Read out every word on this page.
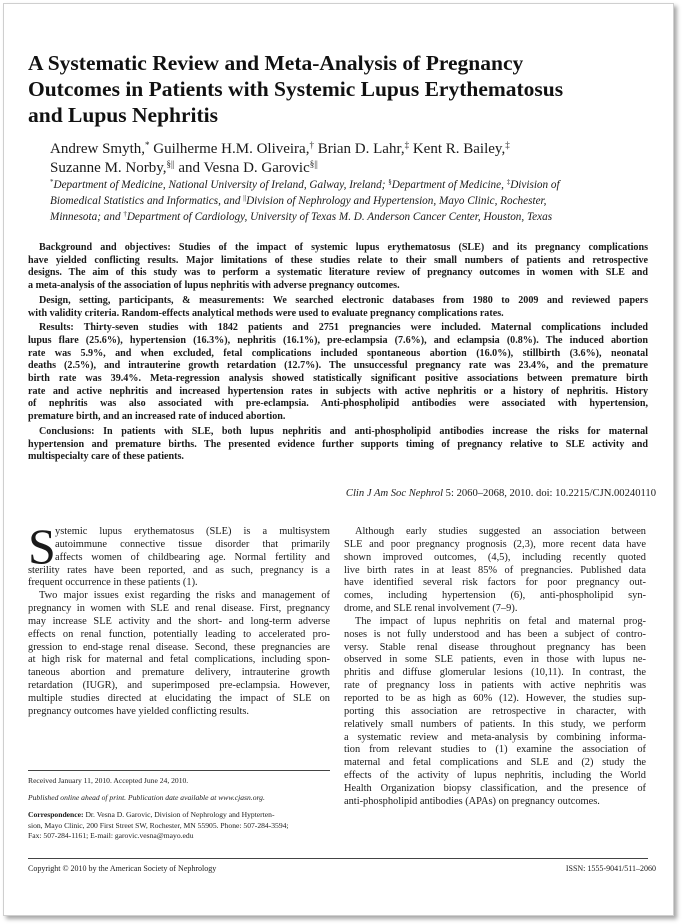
A Systematic Review and Meta-Analysis of Pregnancy
Outcomes in Patients with Systemic Lupus Erythematosus
and Lupus Nephritis
Andrew Smyth,* Guilherme H.M. Oliveira,† Brian D. Lahr,‡ Kent R. Bailey,‡
Suzanne M. Norby,§|| and Vesna D. Garovic§||
*Department of Medicine, National University of Ireland, Galway, Ireland; §Department of Medicine, ‡Division of
Biomedical Statistics and Informatics, and ||Division of Nephrology and Hypertension, Mayo Clinic, Rochester,
Minnesota; and †Department of Cardiology, University of Texas M. D. Anderson Cancer Center, Houston, Texas

Background and objectives: Studies of the impact of systemic lupus erythematosus (SLE) and its pregnancy complications
have yielded conflicting results. Major limitations of these studies relate to their small numbers of patients and retrospective
designs. The aim of this study was to perform a systematic literature review of pregnancy outcomes in women with SLE and
a meta-analysis of the association of lupus nephritis with adverse pregnancy outcomes.

Design, setting, participants, & measurements: We searched electronic databases from 1980 to 2009 and reviewed papers
with validity criteria. Random-effects analytical methods were used to evaluate pregnancy complications rates.

Results: Thirty-seven studies with 1842 patients and 2751 pregnancies were included. Maternal complications included
lupus flare (25.6%), hypertension (16.3%), nephritis (16.1%), pre-eclampsia (7.6%), and eclampsia (0.8%). The induced abortion
rate was 5.9%, and when excluded, fetal complications included spontaneous abortion (16.0%), stillbirth (3.6%), neonatal
deaths (2.5%), and intrauterine growth retardation (12.7%). The unsuccessful pregnancy rate was 23.4%, and the premature
birth rate was 39.4%. Meta-regression analysis showed statistically significant positive associations between premature birth
rate and active nephritis and increased hypertension rates in subjects with active nephritis or a history of nephritis. History
of nephritis was also associated with pre-eclampsia. Anti-phospholipid antibodies were associated with hypertension,
premature birth, and an increased rate of induced abortion.

Conclusions: In patients with SLE, both lupus nephritis and anti-phospholipid antibodies increase the risks for maternal
hypertension and premature births. The presented evidence further supports timing of pregnancy relative to SLE activity and
multispecialty care of these patients.

Clin J Am Soc Nephrol 5: 2060–2068, 2010. doi: 10.2215/CJN.00240110
S ystemic lupus erythematosus (SLE) is a multisystem
autoimmune connective tissue disorder that primarily
affects women of childbearing age. Normal fertility and
sterility rates have been reported, and as such, pregnancy is a
frequent occurrence in these patients (1).
Two major issues exist regarding the risks and management of
pregnancy in women with SLE and renal disease. First, pregnancy
may increase SLE activity and the short- and long-term adverse
effects on renal function, potentially leading to accelerated pro-
gression to end-stage renal disease. Second, these pregnancies are
at high risk for maternal and fetal complications, including spon-
taneous abortion and premature delivery, intrauterine growth
retardation (IUGR), and superimposed pre-eclampsia. However,
multiple studies directed at elucidating the impact of SLE on
pregnancy outcomes have yielded conflicting results.
Although early studies suggested an association between
SLE and poor pregnancy prognosis (2,3), more recent data have
shown improved outcomes, (4,5), including recently quoted
live birth rates in at least 85% of pregnancies. Published data
have identified several risk factors for poor pregnancy out-
comes, including hypertension (6), anti-phospholipid syn-
drome, and SLE renal involvement (7–9).
The impact of lupus nephritis on fetal and maternal prog-
noses is not fully understood and has been a subject of contro-
versy. Stable renal disease throughout pregnancy has been
observed in some SLE patients, even in those with lupus ne-
phritis and diffuse glomerular lesions (10,11). In contrast, the
rate of pregnancy loss in patients with active nephritis was
reported to be as high as 60% (12). However, the studies sup-
porting this association are retrospective in character, with
relatively small numbers of patients. In this study, we perform
a systematic review and meta-analysis by combining informa-
tion from relevant studies to (1) examine the association of
maternal and fetal complications and SLE and (2) study the
effects of the activity of lupus nephritis, including the World
Health Organization biopsy classification, and the presence of
anti-phospholipid antibodies (APAs) on pregnancy outcomes.
Received January 11, 2010. Accepted June 24, 2010.
Published online ahead of print. Publication date available at www.cjasn.org.
Correspondence: Dr. Vesna D. Garovic, Division of Nephrology and Hypterten-
sion, Mayo Clinic, 200 First Street SW, Rochester, MN 55905. Phone: 507-284-3594;
Fax: 507-284-1161; E-mail: garovic.vesna@mayo.edu
Copyright © 2010 by the American Society of Nephrology	ISSN: 1555-9041/511–2060
